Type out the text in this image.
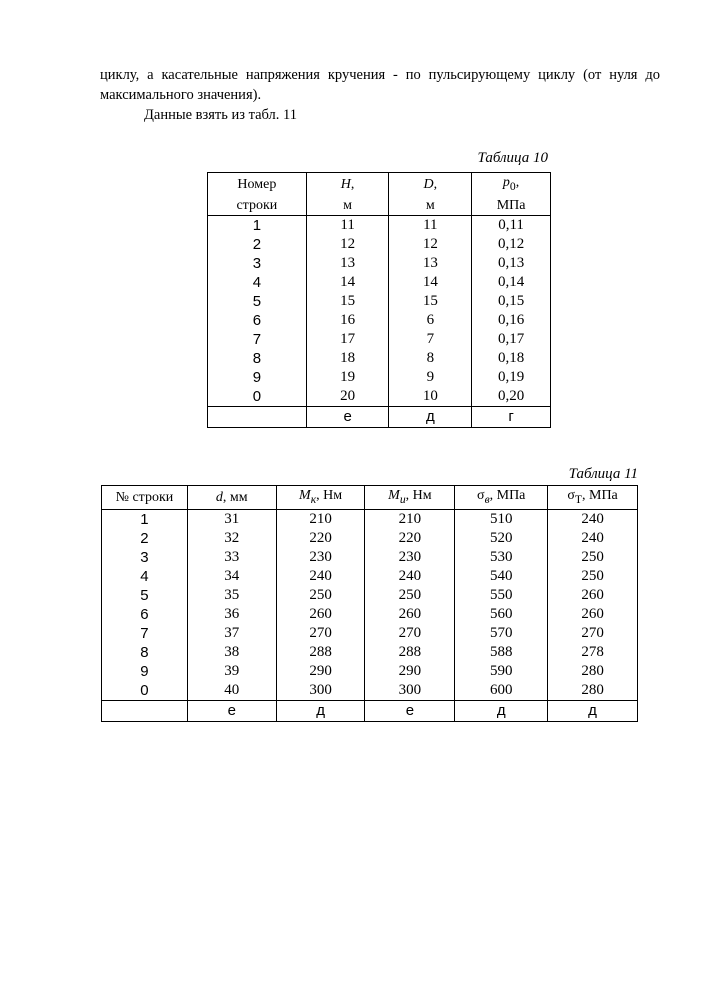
циклу, а касательные напряжения кручения - по пульсирующему циклу (от нуля до максимального значения).
Данные взять из табл. 11

Таблица 10
Номер	H,	D,	$p_0$,
строки	м	м	МПа
1	11	11	0,11
2	12	12	0,12
3	13	13	0,13
4	14	14	0,14
5	15	15	0,15
6	16	6	0,16
7	17	7	0,17
8	18	8	0,18
9	19	9	0,19
0	20	10	0,20
	е	д	г
Таблица 11
№ строки	d, мм	$M_к$, Нм	$M_u$, Нм	$\sigma_в$, МПа	$\sigma_Т$, МПа
1	31	210	210	510	240
2	32	220	220	520	240
3	33	230	230	530	250
4	34	240	240	540	250
5	35	250	250	550	260
6	36	260	260	560	260
7	37	270	270	570	270
8	38	288	288	588	278
9	39	290	290	590	280
0	40	300	300	600	280
	е	д	е	д	д
